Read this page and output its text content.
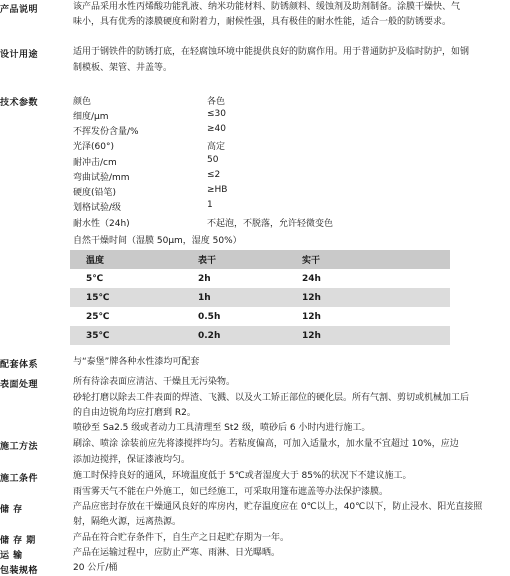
产品说明	该产品采用水性丙烯酸功能乳液、纳米功能材料、防锈颜料、缓蚀剂及助剂制备。涂膜干燥快、气
味小，具有优秀的漆膜硬度和附着力，耐候性强，具有极佳的耐水性能，适合一般的防锈要求。
设计用途	适用于钢铁件的防锈打底，在轻腐蚀环境中能提供良好的防腐作用。用于普通防护及临时防护，如钢
制模板、架管、井盖等。
技术参数	颜色	各色
细度/μm	≤30
不挥发份含量/%	≥40
光泽(60°)	高定
耐冲击/cm	50
弯曲试验/mm	≤2
硬度(铅笔)	≥HB
划格试验/级	1
耐水性（24h)	不起泡，不脱落，允许轻微变色
自然干燥时间（湿膜 50μm，湿度 50%）
温度	表干	实干
5℃	2h	24h
15℃	1h	12h
25℃	0.5h	12h
35℃	0.2h	12h
配套体系	与“泰堡”牌各种水性漆均可配套
表面处理	所有待涂表面应清洁、干燥且无污染物。
砂轮打磨以除去工件表面的焊渣、飞溅、以及火工矫正部位的硬化层。所有气割、剪切或机械加工后
的自由边锐角均应打磨到 R2。
喷砂至 Sa2.5 级或者动力工具清理至 St2 级，喷砂后 6 小时内进行施工。
施工方法	刷涂、喷涂 涂装前应先将漆搅拌均匀。若粘度偏高，可加入适量水，加水量不宜超过 10%，应边
添加边搅拌，保证漆液均匀。
施工条件	施工时保持良好的通风，环境温度低于 5℃或者湿度大于 85%的状况下不建议施工。
雨雪雾天气不能在户外施工，如已经施工，可采取用篷布遮盖等办法保护漆膜。
储 存	产品应密封存放在干燥通风良好的库房内，贮存温度应在 0℃以上，40℃以下，防止浸水、阳光直接照
射，隔绝火源，远离热源。
储 存 期	产品在符合贮存条件下，自生产之日起贮存期为一年。
运 输	产品在运输过程中，应防止严寒、雨淋、日光曝晒。
包装规格	20 公斤/桶
